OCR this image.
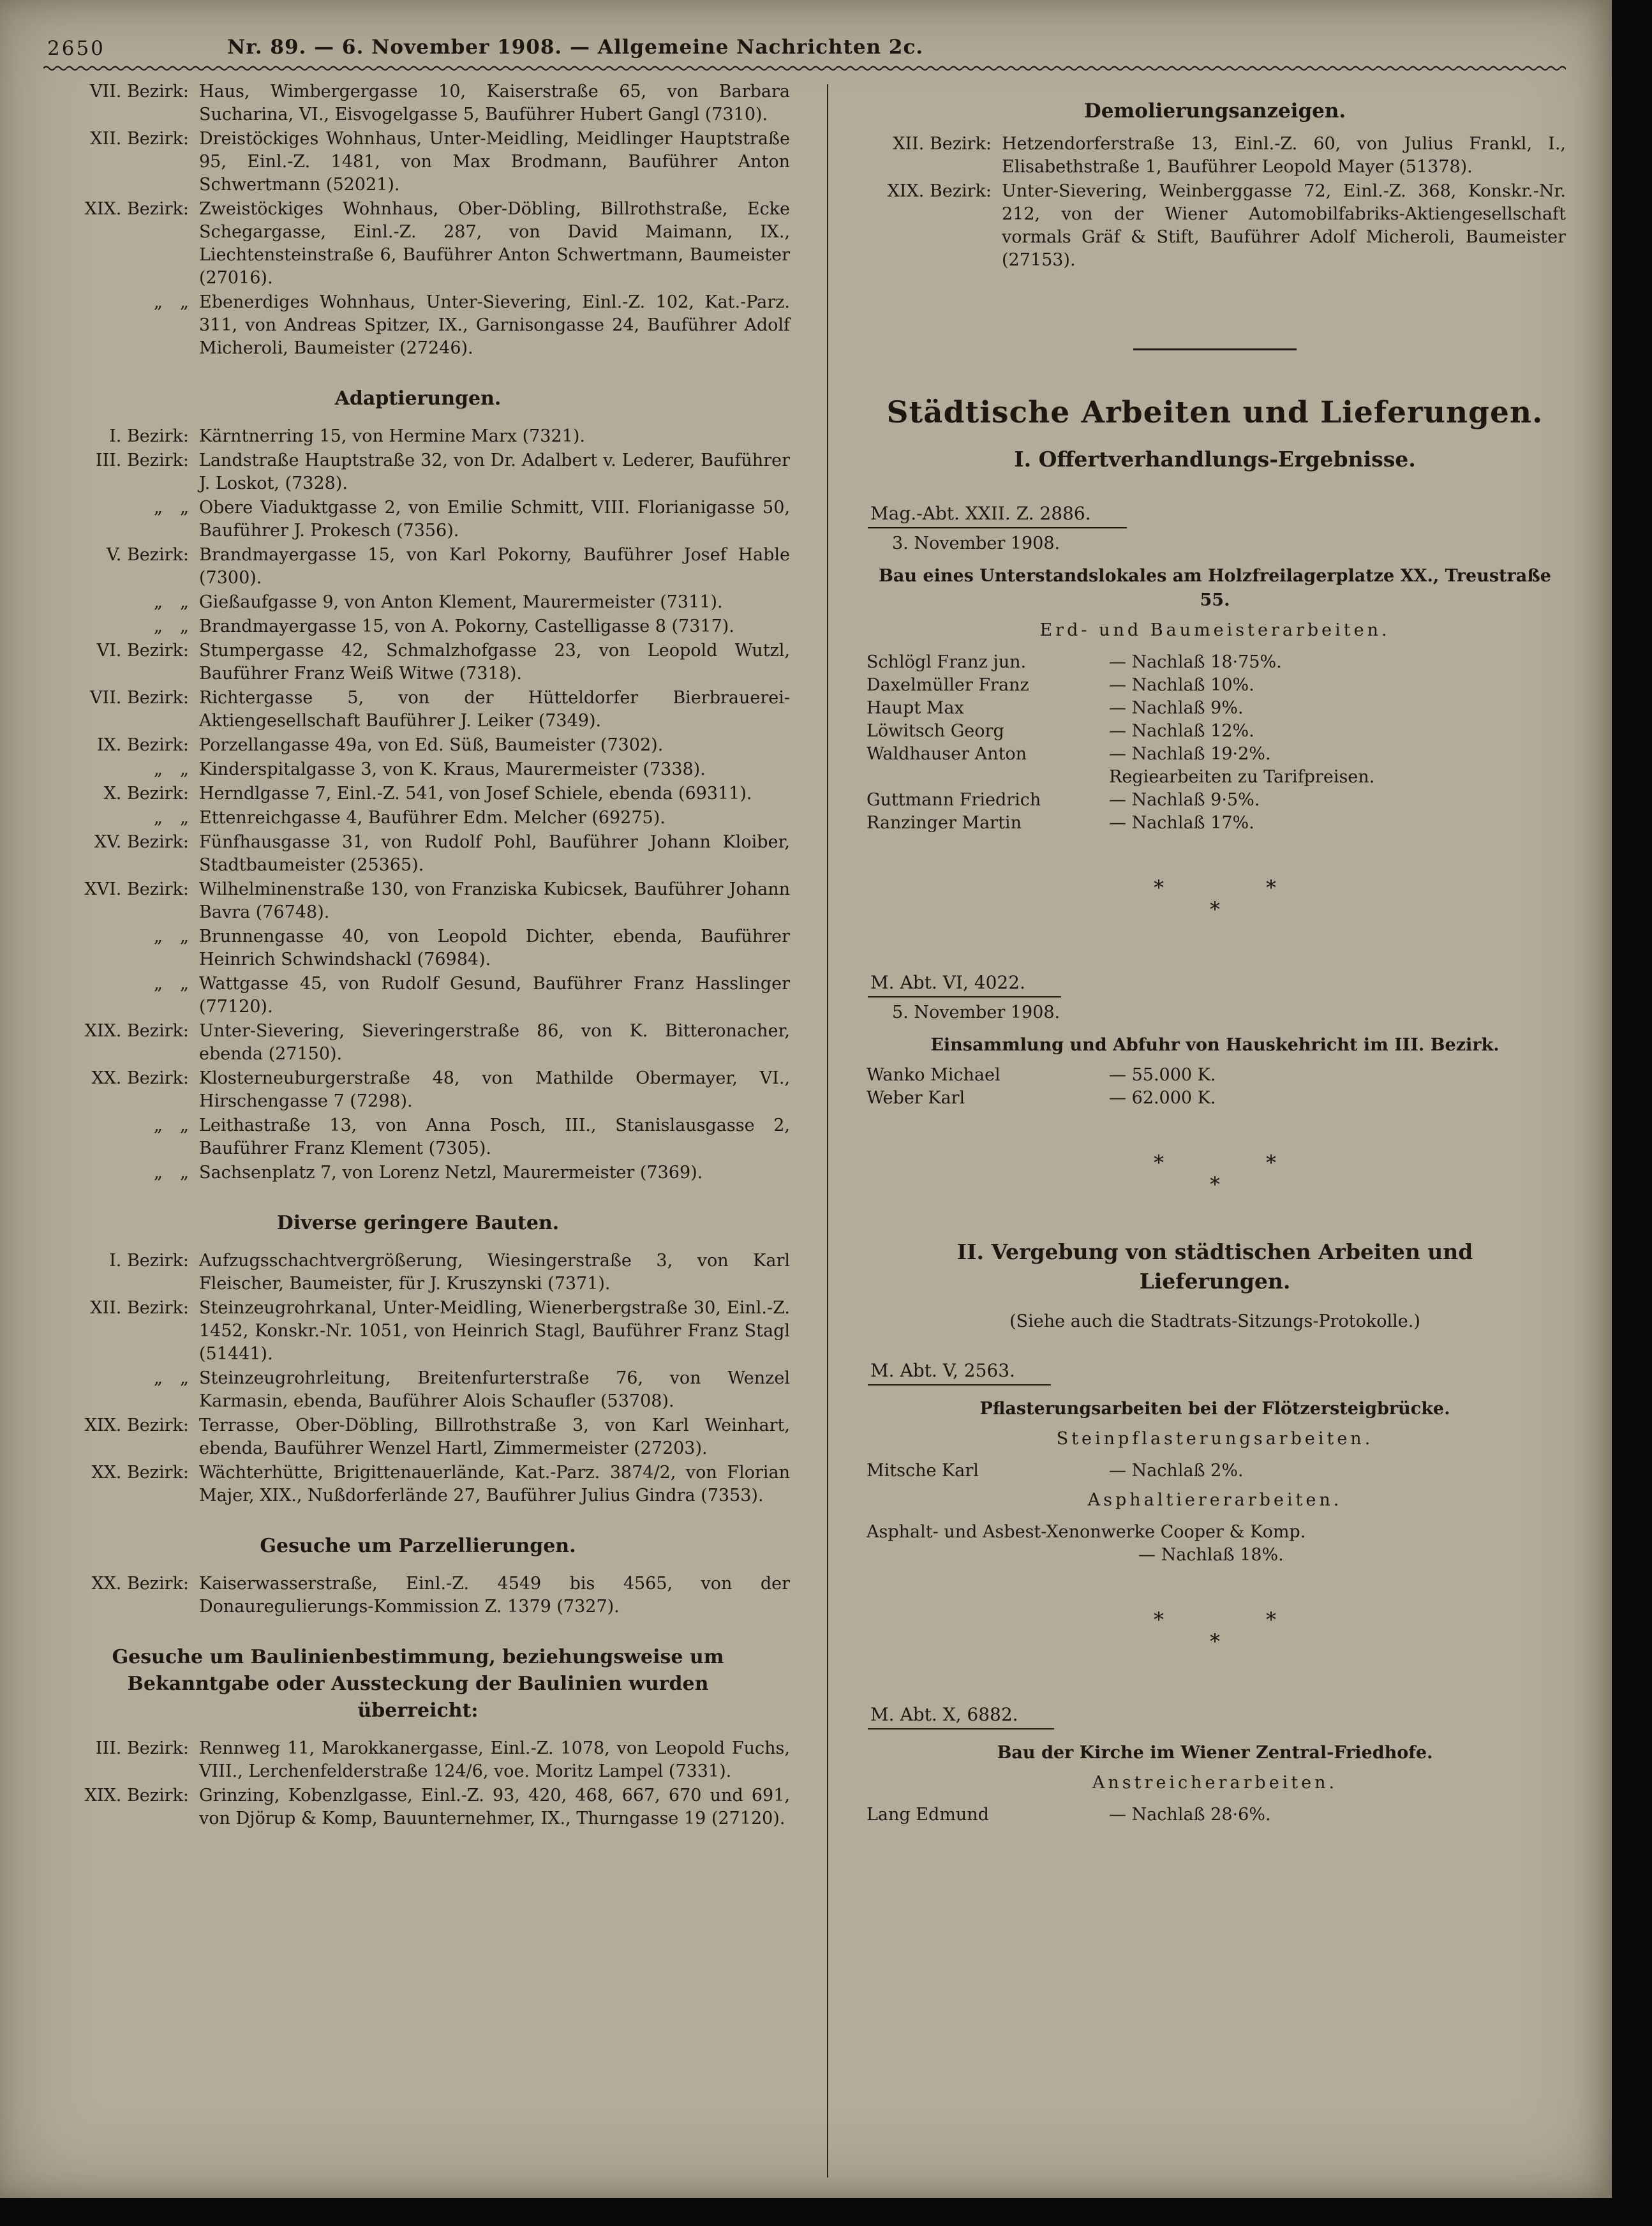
2650	Nr. 89. — 6. November 1908. — Allgemeine Nachrichten 2c.
VII. Bezirk: Haus, Wimbergergasse 10, Kaiserstraße 65, von Barbara Sucharina, VI., Eisvogelgasse 5, Bauführer Hubert Gangl (7310).
XII. Bezirk: Dreistöckiges Wohnhaus, Unter-Meidling, Meidlinger Hauptstraße 95, Einl.-Z. 1481, von Max Brodmann, Bauführer Anton Schwertmann (52021).
XIX. Bezirk: Zweistöckiges Wohnhaus, Ober-Döbling, Billrothstraße, Ecke Schegargasse, Einl.-Z. 287, von David Maimann, IX., Liechtensteinstraße 6, Bauführer Anton Schwertmann, Baumeister (27016).
„ „ Ebenerdiges Wohnhaus, Unter-Sievering, Einl.-Z. 102, Kat.-Parz. 311, von Andreas Spitzer, IX., Garnisongasse 24, Bauführer Adolf Micheroli, Baumeister (27246).
Adaptierungen.
I. Bezirk: Kärntnerring 15, von Hermine Marx (7321).
III. Bezirk: Landstraße Hauptstraße 32, von Dr. Adalbert v. Lederer, Bauführer J. Loskot, (7328).
„ „ Obere Viaduktgasse 2, von Emilie Schmitt, VIII. Florianigasse 50, Bauführer J. Prokesch (7356).
V. Bezirk: Brandmayergasse 15, von Karl Pokorny, Bauführer Josef Hable (7300).
„ „ Gießaufgasse 9, von Anton Klement, Maurermeister (7311).
„ „ Brandmayergasse 15, von A. Pokorny, Castelligasse 8 (7317).
VI. Bezirk: Stumpergasse 42, Schmalzhofgasse 23, von Leopold Wutzl, Bauführer Franz Weiß Witwe (7318).
VII. Bezirk: Richtergasse 5, von der Hütteldorfer Bierbrauerei-Aktiengesellschaft Bauführer J. Leiker (7349).
IX. Bezirk: Porzellangasse 49a, von Ed. Süß, Baumeister (7302).
„ „ Kinderspitalgasse 3, von K. Kraus, Maurermeister (7338).
X. Bezirk: Herndlgasse 7, Einl.-Z. 541, von Josef Schiele, ebenda (69311).
„ „ Ettenreichgasse 4, Bauführer Edm. Melcher (69275).
XV. Bezirk: Fünfhausgasse 31, von Rudolf Pohl, Bauführer Johann Kloiber, Stadtbaumeister (25365).
XVI. Bezirk: Wilhelminenstraße 130, von Franziska Kubicsek, Bauführer Johann Bavra (76748).
„ „ Brunnengasse 40, von Leopold Dichter, ebenda, Bauführer Heinrich Schwindshackl (76984).
„ „ Wattgasse 45, von Rudolf Gesund, Bauführer Franz Hasslinger (77120).
XIX. Bezirk: Unter-Sievering, Sieveringerstraße 86, von K. Bitteronacher, ebenda (27150).
XX. Bezirk: Klosterneuburgerstraße 48, von Mathilde Obermayer, VI., Hirschengasse 7 (7298).
„ „ Leithastraße 13, von Anna Posch, III., Stanislausgasse 2, Bauführer Franz Klement (7305).
„ „ Sachsenplatz 7, von Lorenz Netzl, Maurermeister (7369).
Diverse geringere Bauten.
I. Bezirk: Aufzugsschachtvergrößerung, Wiesingerstraße 3, von Karl Fleischer, Baumeister, für J. Kruszynski (7371).
XII. Bezirk: Steinzeugrohrkanal, Unter-Meidling, Wienerbergstraße 30, Einl.-Z. 1452, Konskr.-Nr. 1051, von Heinrich Stagl, Bauführer Franz Stagl (51441).
„ „ Steinzeugrohrleitung, Breitenfurterstraße 76, von Wenzel Karmasin, ebenda, Bauführer Alois Schaufler (53708).
XIX. Bezirk: Terrasse, Ober-Döbling, Billrothstraße 3, von Karl Weinhart, ebenda, Bauführer Wenzel Hartl, Zimmermeister (27203).
XX. Bezirk: Wächterhütte, Brigittenauerlände, Kat.-Parz. 3874/2, von Florian Majer, XIX., Nußdorferlände 27, Bauführer Julius Gindra (7353).
Gesuche um Parzellierungen.
XX. Bezirk: Kaiserwasserstraße, Einl.-Z. 4549 bis 4565, von der Donauregulierungs-Kommission Z. 1379 (7327).
Gesuche um Baulinienbestimmung, beziehungsweise um Bekanntgabe oder Aussteckung der Baulinien wurden überreicht:
III. Bezirk: Rennweg 11, Marokkanergasse, Einl.-Z. 1078, von Leopold Fuchs, VIII., Lerchenfelderstraße 124/6, voe. Moritz Lampel (7331).
XIX. Bezirk: Grinzing, Kobenzlgasse, Einl.-Z. 93, 420, 468, 667, 670 und 691, von Djörup & Komp, Bauunternehmer, IX., Thurngasse 19 (27120).
Demolierungsanzeigen.
XII. Bezirk: Hetzendorferstraße 13, Einl.-Z. 60, von Julius Frankl, I., Elisabethstraße 1, Bauführer Leopold Mayer (51378).
XIX. Bezirk: Unter-Sievering, Weinberggasse 72, Einl.-Z. 368, Konskr.-Nr. 212, von der Wiener Automobilfabriks-Aktiengesellschaft vormals Gräf & Stift, Bauführer Adolf Micheroli, Baumeister (27153).
Städtische Arbeiten und Lieferungen.
I. Offertverhandlungs-Ergebnisse.
Mag.-Abt. XXII. Z. 2886.
3. November 1908.
Bau eines Unterstandslokales am Holzfreilagerplatze XX., Treustraße 55.
Erd- und Baumeisterarbeiten.
Schlögl Franz jun.	— Nachlaß 18·75%.
Daxelmüller Franz	— Nachlaß 10%.
Haupt Max	— Nachlaß 9%.
Löwitsch Georg	— Nachlaß 12%.
Waldhauser Anton	— Nachlaß 19·2%.
Regiearbeiten zu Tarifpreisen.
Guttmann Friedrich	— Nachlaß 9·5%.
Ranzinger Martin	— Nachlaß 17%.
*     *
*
M. Abt. VI, 4022.
5. November 1908.
Einsammlung und Abfuhr von Hauskehricht im III. Bezirk.
Wanko Michael	— 55.000 K.
Weber Karl	— 62.000 K.
*     *
*
II. Vergebung von städtischen Arbeiten und Lieferungen.
(Siehe auch die Stadtrats-Sitzungs-Protokolle.)
M. Abt. V, 2563.
Pflasterungsarbeiten bei der Flötzersteigbrücke.
Steinpflasterungsarbeiten.
Mitsche Karl	— Nachlaß 2%.
Asphaltiererarbeiten.
Asphalt- und Asbest-Xenonwerke Cooper & Komp.
— Nachlaß 18%.
*     *
*
M. Abt. X, 6882.
Bau der Kirche im Wiener Zentral-Friedhofe.
Anstreicherarbeiten.
Lang Edmund	— Nachlaß 28·6%.
